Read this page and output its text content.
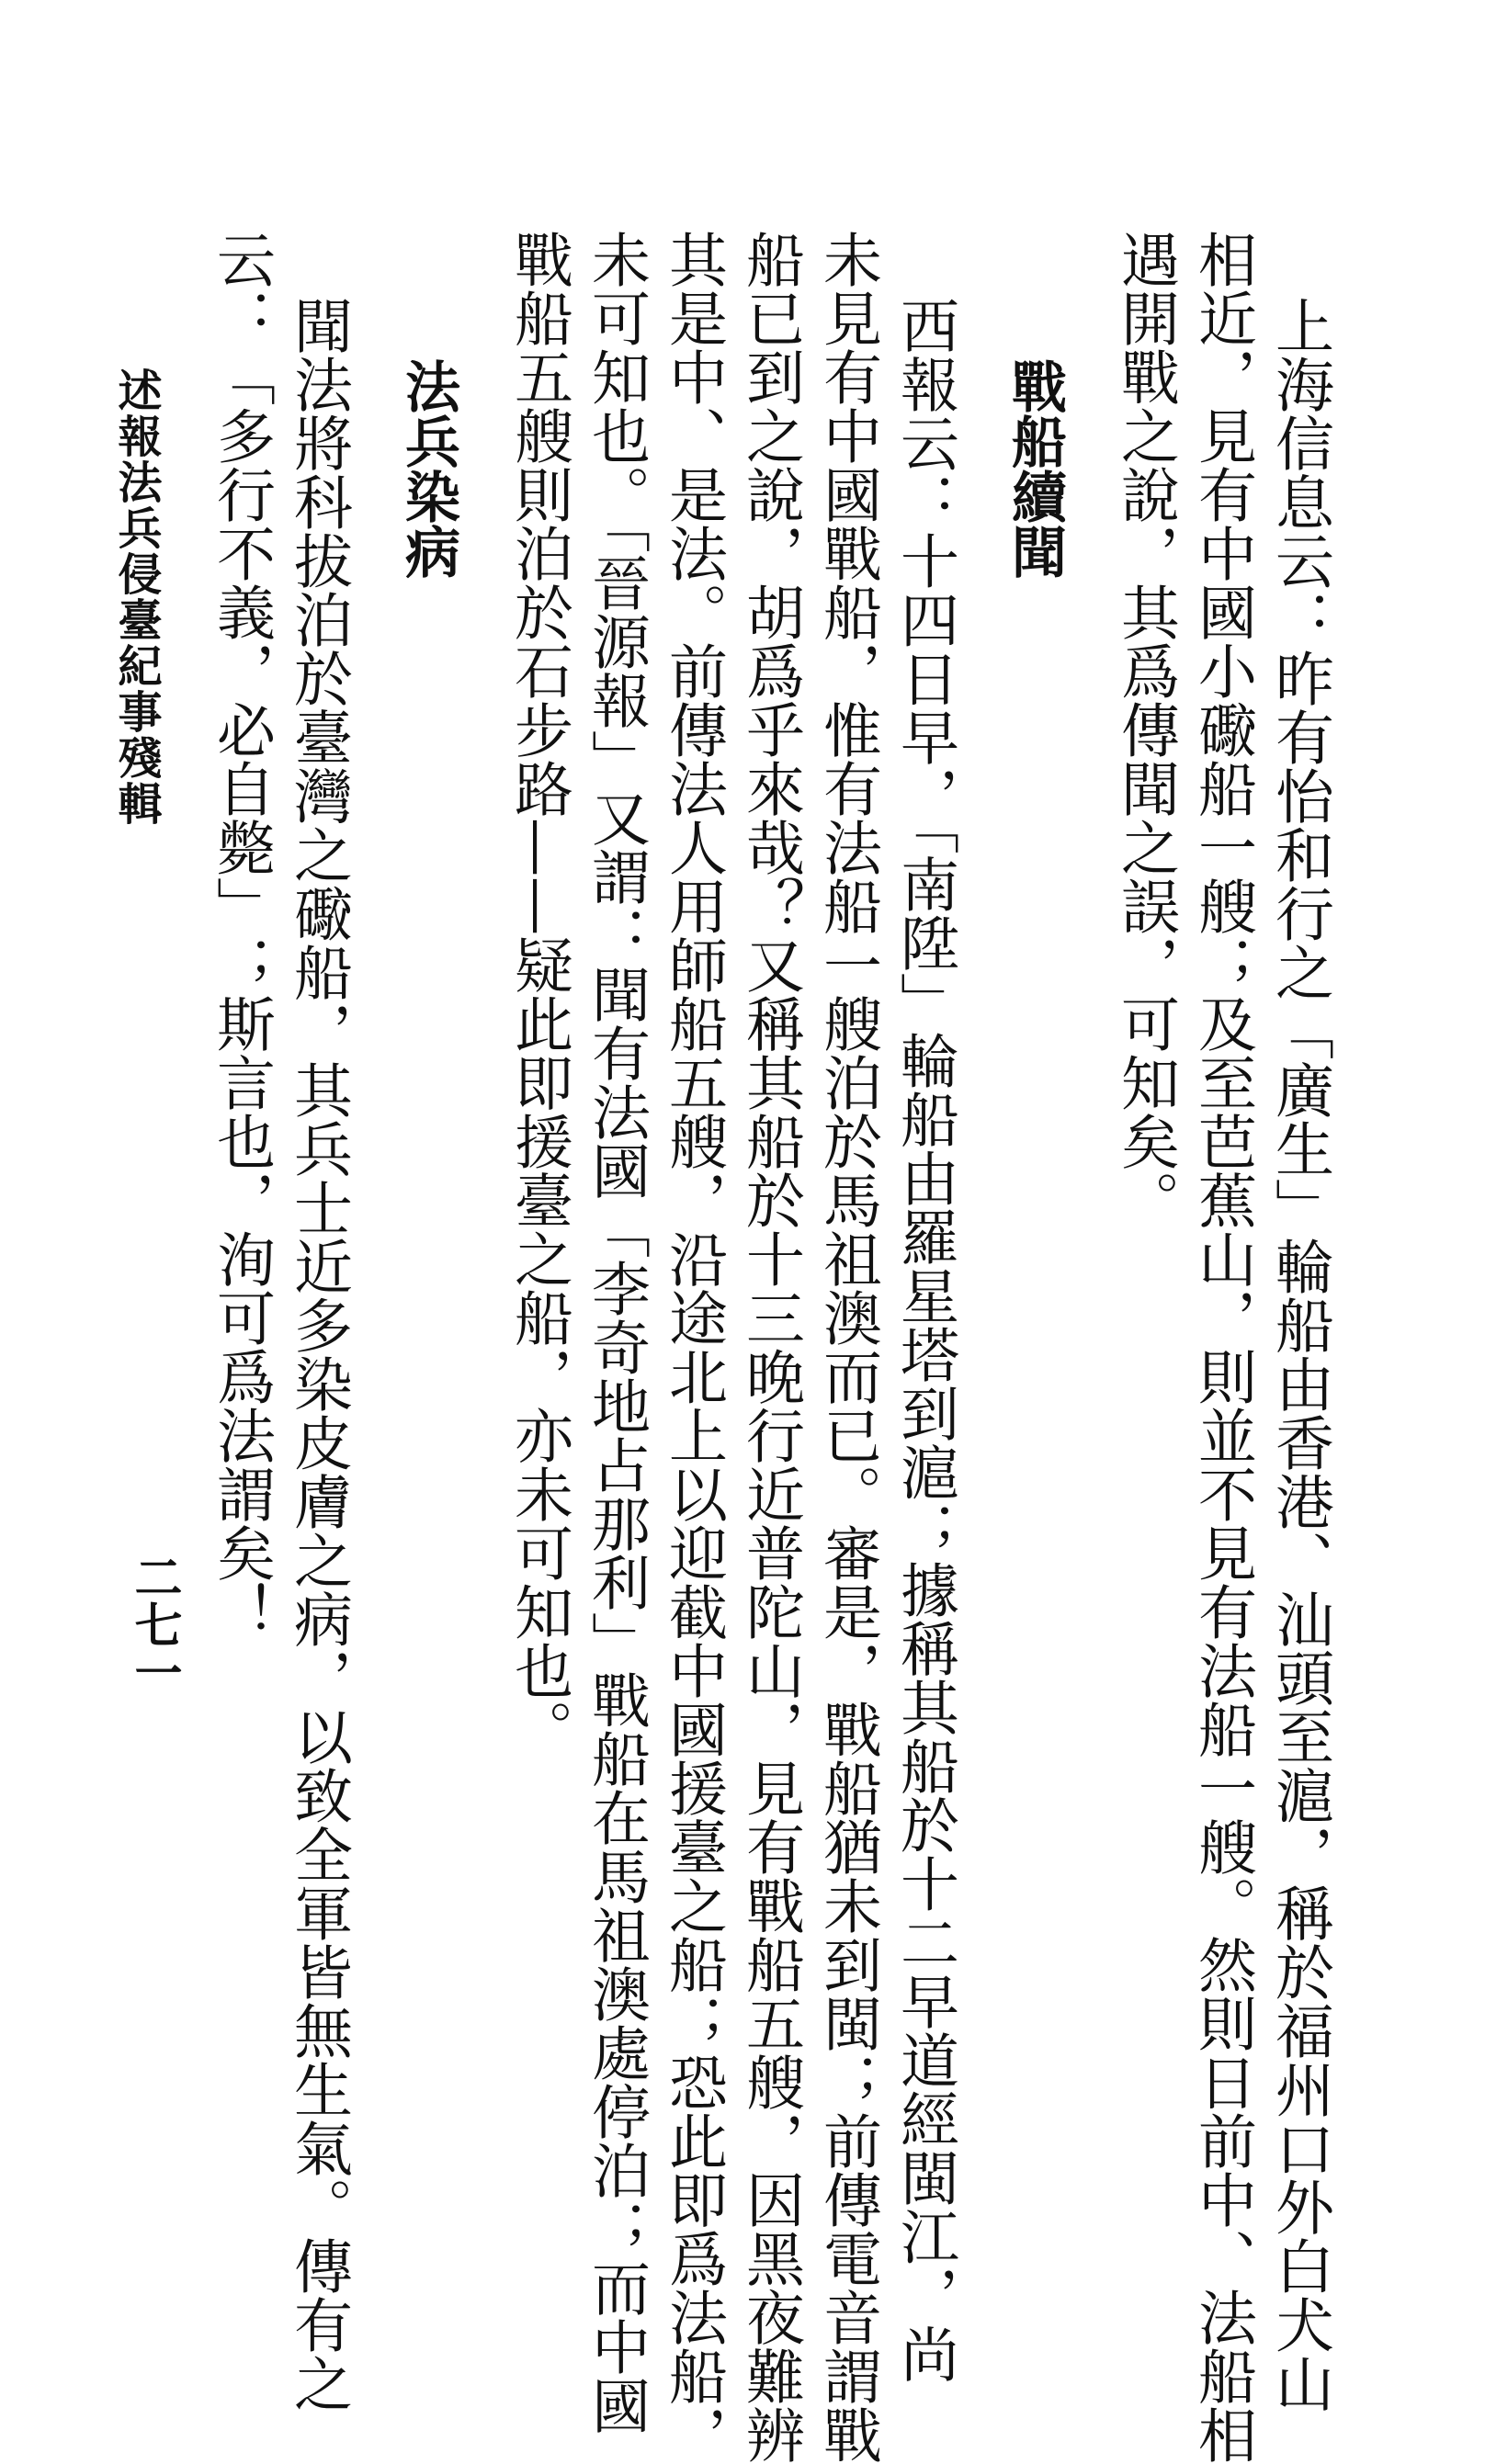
上海信息云：昨有怡和行之「廣生」輪船由香港、汕頭至滬，稱於福州口外白犬山

相近，見有中國小礮船一艘；及至芭蕉山，則並不見有法船一艘。然則日前中、法船相

遇開戰之說，其爲傳聞之誤，可知矣。

戰船續聞

西報云：十四日早，「南陞」輪船由羅星塔到滬；據稱其船於十二早道經閩江，尚

未見有中國戰船，惟有法船一艘泊於馬祖澳而已。審是，戰船猶未到閩；前傳電音謂戰

船已到之說，胡爲乎來哉？又稱其船於十三晚行近普陀山，見有戰船五艘，因黑夜難辨

其是中、是法。前傳法人用師船五艘，沿途北上以迎截中國援臺之船；恐此即爲法船，

未可知也。「晉源報」又謂：聞有法國「李奇地占那利」戰船在馬祖澳處停泊；而中國

戰船五艘則泊於石步路——疑此即援臺之船，亦未可知也。

法兵染病

聞法將科拔泊於臺灣之礮船，其兵士近多染皮膚之病，以致全軍皆無生氣。傳有之

云：「多行不義，必自斃」；斯言也，洵可爲法謂矣！

述報法兵侵臺紀事殘輯
二七一
